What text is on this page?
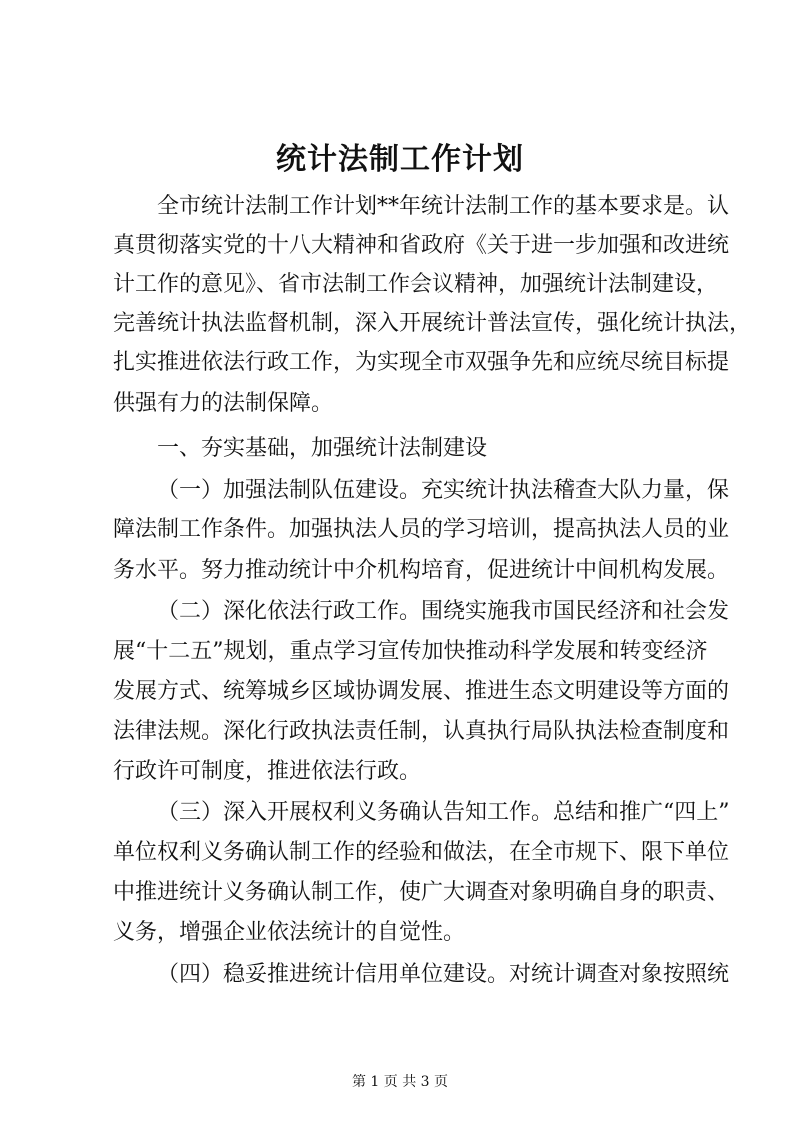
统计法制工作计划
全市统计法制工作计划**年统计法制工作的基本要求是。认
真贯彻落实党的十八大精神和省政府《关于进一步加强和改进统
计工作的意见》、省市法制工作会议精神，加强统计法制建设，
完善统计执法监督机制，深入开展统计普法宣传，强化统计执法，
扎实推进依法行政工作，为实现全市双强争先和应统尽统目标提
供强有力的法制保障。
一、夯实基础，加强统计法制建设
（一）加强法制队伍建设。充实统计执法稽查大队力量，保
障法制工作条件。加强执法人员的学习培训，提高执法人员的业
务水平。努力推动统计中介机构培育，促进统计中间机构发展。
（二）深化依法行政工作。围绕实施我市国民经济和社会发
展“十二五”规划，重点学习宣传加快推动科学发展和转变经济
发展方式、统筹城乡区域协调发展、推进生态文明建设等方面的
法律法规。深化行政执法责任制，认真执行局队执法检查制度和
行政许可制度，推进依法行政。
（三）深入开展权利义务确认告知工作。总结和推广“四上”
单位权利义务确认制工作的经验和做法，在全市规下、限下单位
中推进统计义务确认制工作，使广大调查对象明确自身的职责、
义务，增强企业依法统计的自觉性。
（四）稳妥推进统计信用单位建设。对统计调查对象按照统
第 1 页 共 3 页
